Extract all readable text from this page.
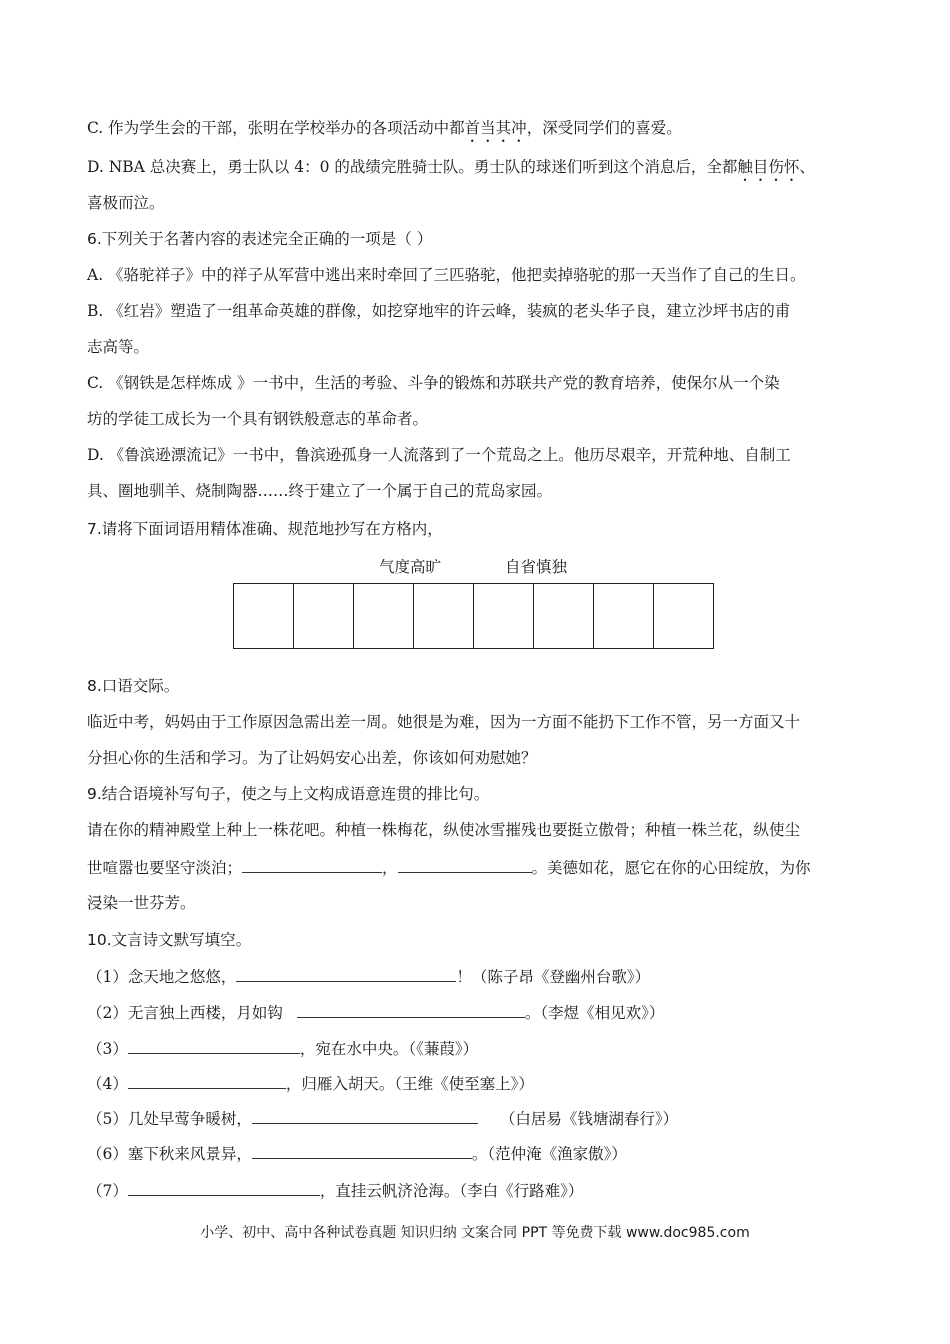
C. 作为学生会的干部，张明在学校举办的各项活动中都首当其冲，深受同学们的喜爱。
D. NBA 总决赛上，勇士队以 4：0 的战绩完胜骑士队。勇士队的球迷们听到这个消息后，全都触目伤怀、
喜极而泣。
6.下列关于名著内容的表述完全正确的一项是（ ）
A. 《骆驼祥子》中的祥子从军营中逃出来时牵回了三匹骆驼，他把卖掉骆驼的那一天当作了自己的生日。
B. 《红岩》塑造了一组革命英雄的群像，如挖穿地牢的许云峰，装疯的老头华子良，建立沙坪书店的甫
志高等。
C. 《钢铁是怎样炼成 》一书中，生活的考验、斗争的锻炼和苏联共产党的教育培养，使保尔从一个染
坊的学徒工成长为一个具有钢铁般意志的革命者。
D. 《鲁滨逊漂流记》一书中，鲁滨逊孤身一人流落到了一个荒岛之上。他历尽艰辛，开荒种地、自制工
具、圈地驯羊、烧制陶器……终于建立了一个属于自己的荒岛家园。
7.请将下面词语用精体准确、规范地抄写在方格内，
气度高旷	自省慎独
8.口语交际。
临近中考，妈妈由于工作原因急需出差一周。她很是为难，因为一方面不能扔下工作不管，另一方面又十
分担心你的生活和学习。为了让妈妈安心出差，你该如何劝慰她？
9.结合语境补写句子，使之与上文构成语意连贯的排比句。
请在你的精神殿堂上种上一株花吧。种植一株梅花，纵使冰雪摧残也要挺立傲骨；种植一株兰花，纵使尘
世喧嚣也要坚守淡泊；	，	。美德如花，愿它在你的心田绽放，为你
浸染一世芬芳。
10.文言诗文默写填空。
（1）念天地之悠悠，	！（陈子昂《登幽州台歌》）
（2）无言独上西楼，月如钩	。（李煜《相见欢》）
（3）	，宛在水中央。（《蒹葭》）
（4）	，归雁入胡天。（王维《使至塞上》）
（5）几处早莺争暖树，	（白居易《钱塘湖春行》）
（6）塞下秋来风景异，	。（范仲淹《渔家傲》）
（7）	，直挂云帆济沧海。（李白《行路难》）
小学、初中、高中各种试卷真题 知识归纳 文案合同 PPT 等免费下载 www.doc985.com
